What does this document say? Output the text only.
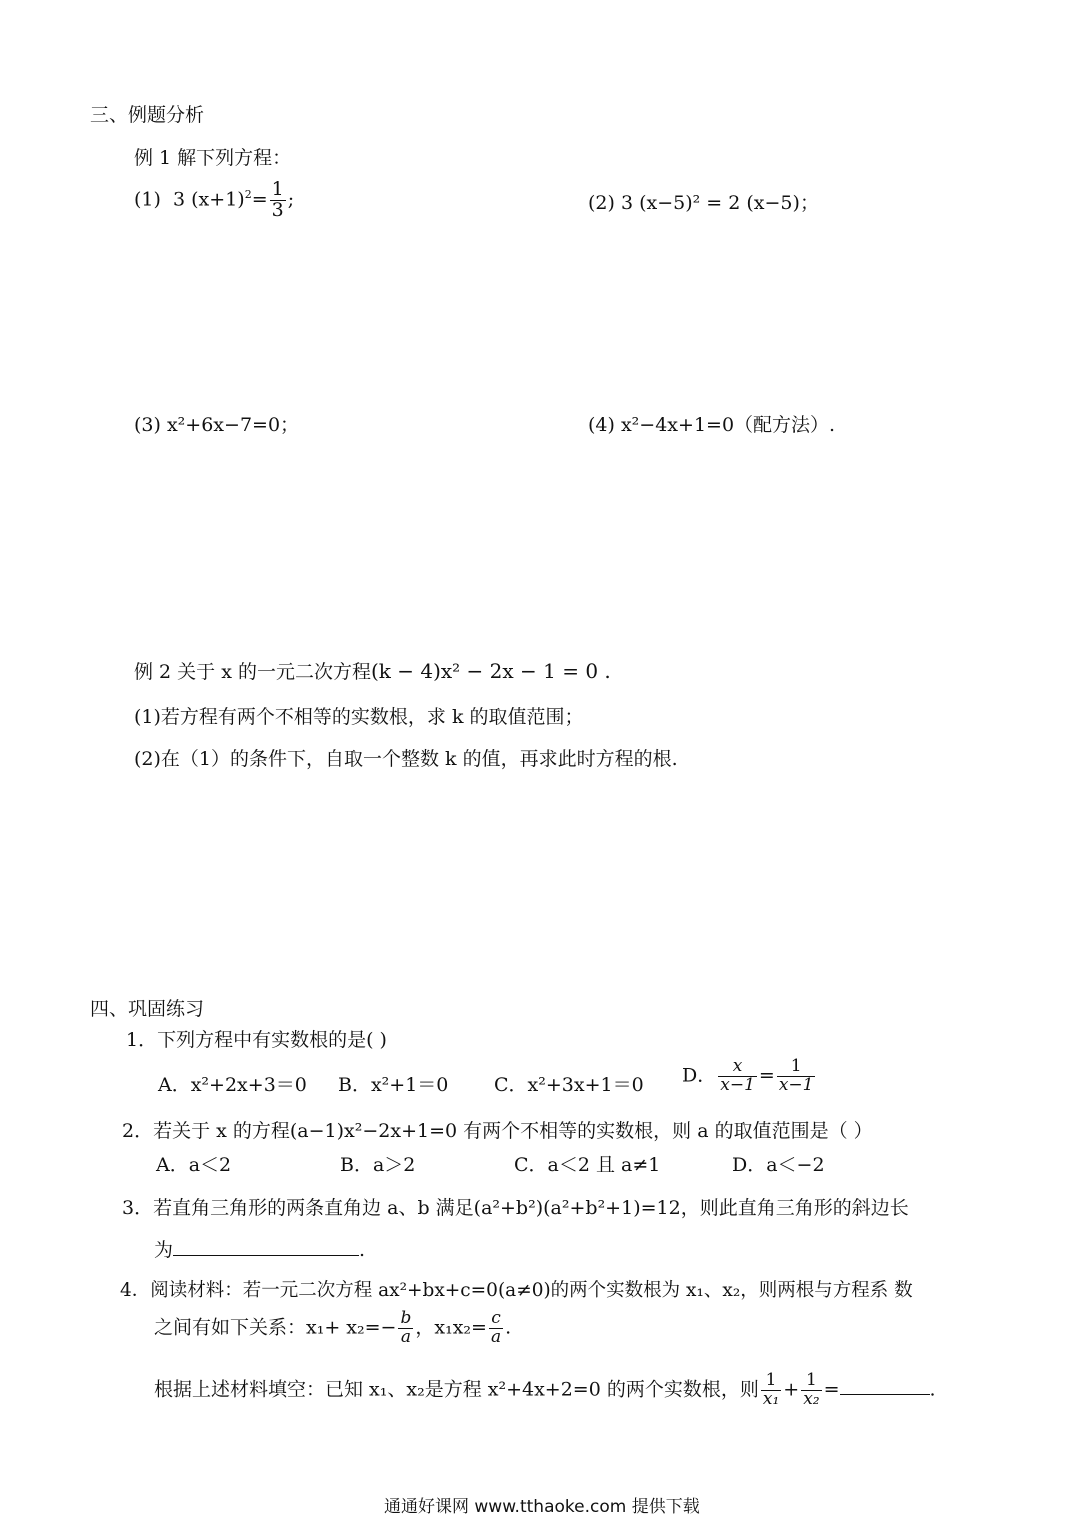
三、例题分析
例 1 解下列方程：
(1) 3 $(x+1)^2= \frac{1}{3}$ ;	(2) 3 (x−5)² = 2 (x−5)；
(3) x²+6x−7=0；	(4) x²−4x+1=0（配方法）.
例 2 关于 x 的一元二次方程(k − 4)x² − 2x − 1 = 0 .
(1)若方程有两个不相等的实数根，求 k 的取值范围；
(2)在（1）的条件下，自取一个整数 k 的值，再求此时方程的根.
四、巩固练习
1．下列方程中有实数根的是( )
A．x²+2x+3＝0 B．x²+1＝0 C．x²+3x+1＝0 D． $\frac{x}{x-1} = \frac{1}{x-1}$
2．若关于 x 的方程(a−1)x²−2x+1=0 有两个不相等的实数根，则 a 的取值范围是（ ）
A．a＜2	B．a＞2	C．a＜2 且 a≠1	D．a＜−2
3．若直角三角形的两条直角边 a、b 满足(a²+b²)(a²+b²+1)=12，则此直角三角形的斜边长
为	.
4．阅读材料：若一元二次方程 ax²+bx+c=0(a≠0)的两个实数根为 x₁、x₂，则两根与方程系 数
之间有如下关系：$x_1+ x_2=- \frac{b}{a}$ ，$x_1x_2= \frac{c}{a}$ .
根据上述材料填空：已知 x₁、x₂是方程 x²+4x+2=0 的两个实数根，则 $\frac{1}{\text{x₁}} + \frac{1}{\text{x₂}}$ =	.
通通好课网 www.tthaoke.com 提供下载
